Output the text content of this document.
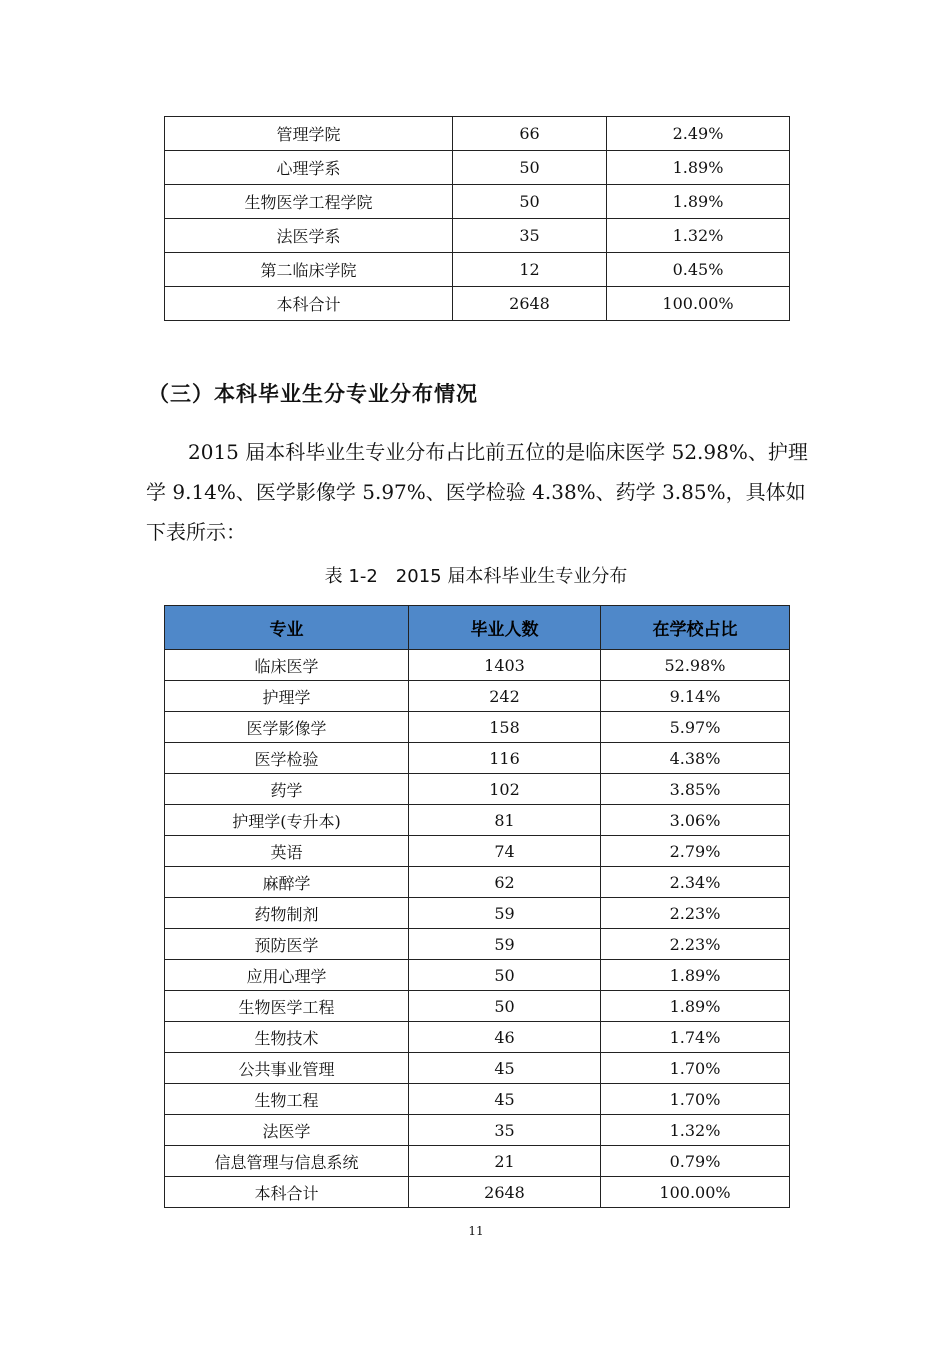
管理学院	66	2.49%
心理学系	50	1.89%
生物医学工程学院	50	1.89%
法医学系	35	1.32%
第二临床学院	12	0.45%
本科合计	2648	100.00%
（三）本科毕业生分专业分布情况

2015 届本科毕业生专业分布占比前五位的是临床医学 52.98%、护理学 9.14%、医学影像学 5.97%、医学检验 4.38%、药学 3.85%，具体如下表所示：

表 1-2　2015 届本科毕业生专业分布
专业	毕业人数	在学校占比
临床医学	1403	52.98%
护理学	242	9.14%
医学影像学	158	5.97%
医学检验	116	4.38%
药学	102	3.85%
护理学(专升本)	81	3.06%
英语	74	2.79%
麻醉学	62	2.34%
药物制剂	59	2.23%
预防医学	59	2.23%
应用心理学	50	1.89%
生物医学工程	50	1.89%
生物技术	46	1.74%
公共事业管理	45	1.70%
生物工程	45	1.70%
法医学	35	1.32%
信息管理与信息系统	21	0.79%
本科合计	2648	100.00%
11
